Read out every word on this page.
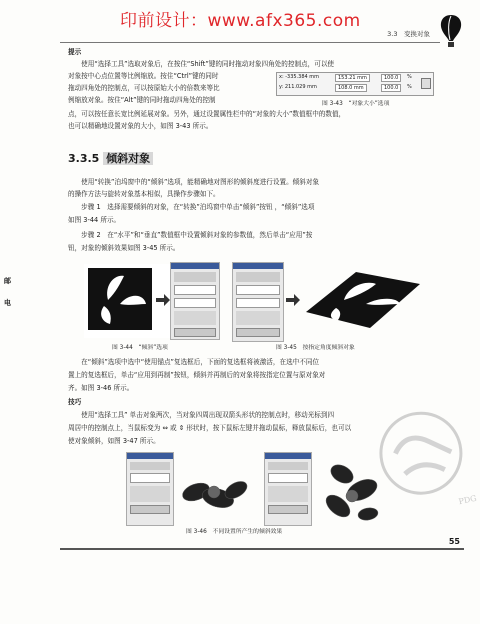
印前设计：www.afx365.com
3.3　变换对象
提示
　　使用“选择工具”选取对象后，在按住“Shift”键的同时拖动对象四角处的控制点，可以使
对象按中心点位置等比例缩放。按住“Ctrl”键的同时
拖动四角处的控制点，可以按原始大小的倍数来等比
例缩放对象。按住“Alt”键的同时拖动四角处的控制
点，可以按任意长宽比例延展对象。另外，通过设置属性栏中的“对象的大小”数值框中的数值，
也可以精确地设置对象的大小，如图 3-43 所示。
x: -335.384 mm
y: 211.029 mm
153.21 mm
108.0 mm
100.0
100.0
%
%
图 3-43　“对象大小”选项
3.3.5 倾斜对象
　　使用“转换”泊坞窗中的“倾斜”选项，能精确地对图形的倾斜度进行设置。倾斜对象
的操作方法与旋转对象基本相似，具操作步骤如下。
　　步骤 1　选择需要倾斜的对象，在“转换”泊坞窗中单击“倾斜”按钮 ，“倾斜”选项
如图 3-44 所示。
　　步骤 2　在“水平”和“垂直”数值框中设置倾斜对象的参数值，然后单击“应用”按
钮，对象的倾斜效果如图 3-45 所示。
邮
电
图 3-44　“倾斜”选项	图 3-45　按指定角度倾斜对象
　　在“倾斜”选项中选中“使用锚点”复选框后，下面的复选框将被激活，在选中不同位
置上的复选框后，单击“应用到再制”按钮，倾斜并再制后的对象将按指定位置与原对象对
齐。如图 3-46 所示。
技巧
　　使用“选择工具” 单击对象两次，当对象四周出现双箭头形状的控制点时，移动光标到四
周居中的控制点上，当鼠标变为 ⇔ 或 ⇕ 形状时，按下鼠标左键并拖动鼠标，释放鼠标后，也可以
使对象倾斜，如图 3-47 所示。
图 3-46　不同设置所产生的倾斜效果
PDG
55
